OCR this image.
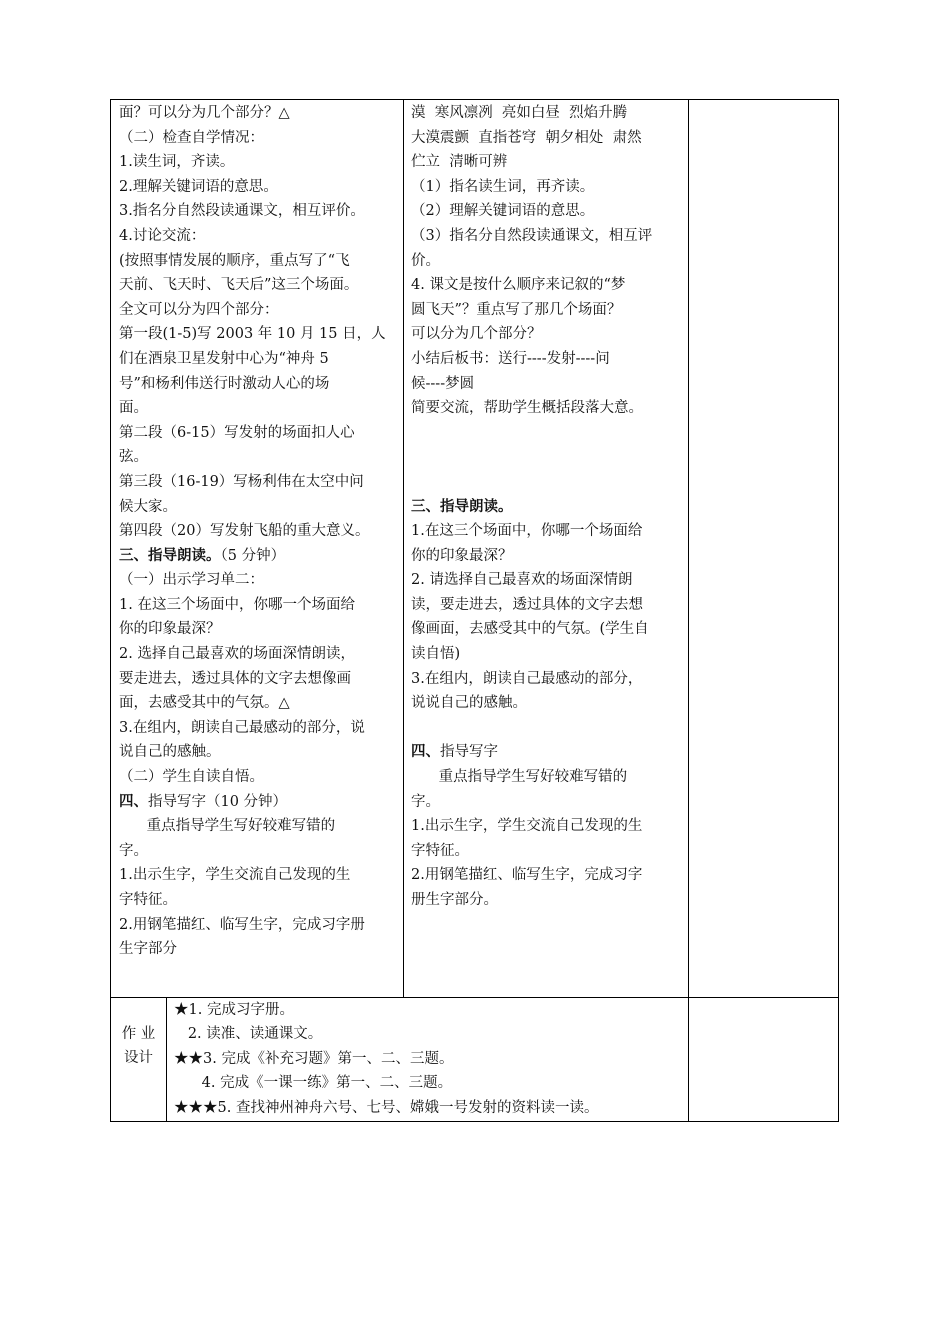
面？可以分为几个部分？△
（二）检查自学情况：
1.读生词，齐读。
2.理解关键词语的意思。
3.指名分自然段读通课文，相互评价。
4.讨论交流：
(按照事情发展的顺序，重点写了“飞
天前、飞天时、飞天后”这三个场面。
全文可以分为四个部分：
第一段(1-5)写 2003 年 10 月 15 日，人
们在酒泉卫星发射中心为“神舟 5
号”和杨利伟送行时激动人心的场
面。
第二段（6-15）写发射的场面扣人心
弦。
第三段（16-19）写杨利伟在太空中问
候大家。
第四段（20）写发射飞船的重大意义。
三、指导朗读。（5 分钟）
（一）出示学习单二：
1. 在这三个场面中，你哪一个场面给
你的印象最深？
2. 选择自己最喜欢的场面深情朗读，
要走进去，透过具体的文字去想像画
面，去感受其中的气氛。△
3.在组内，朗读自己最感动的部分，说
说自己的感触。
（二）学生自读自悟。
四、指导写字（10 分钟）
重点指导学生写好较难写错的
字。
1.出示生字，学生交流自己发现的生
字特征。
2.用钢笔描红、临写生字，完成习字册
生字部分
漠  寒风凛冽  亮如白昼  烈焰升腾
大漠震颤  直指苍穹  朝夕相处  肃然
伫立  清晰可辨
（1）指名读生词，再齐读。
（2）理解关键词语的意思。
（3）指名分自然段读通课文，相互评
价。
4. 课文是按什么顺序来记叙的“梦
圆飞天”？重点写了那几个场面？
可以分为几个部分？
小结后板书：送行----发射----问
候----梦圆
简要交流，帮助学生概括段落大意。
三、指导朗读。
1.在这三个场面中，你哪一个场面给
你的印象最深？
2. 请选择自己最喜欢的场面深情朗
读，要走进去，透过具体的文字去想
像画面，去感受其中的气氛。(学生自
读自悟)
3.在组内，朗读自己最感动的部分，
说说自己的感触。
四、指导写字
重点指导学生写好较难写错的
字。
1.出示生字，学生交流自己发现的生
字特征。
2.用钢笔描红、临写生字，完成习字
册生字部分。
作 业
设计
★1. 完成习字册。
2. 读准、读通课文。
★★3. 完成《补充习题》第一、二、三题。
4. 完成《一课一练》第一、二、三题。
★★★5. 查找神州神舟六号、七号、嫦娥一号发射的资料读一读。
